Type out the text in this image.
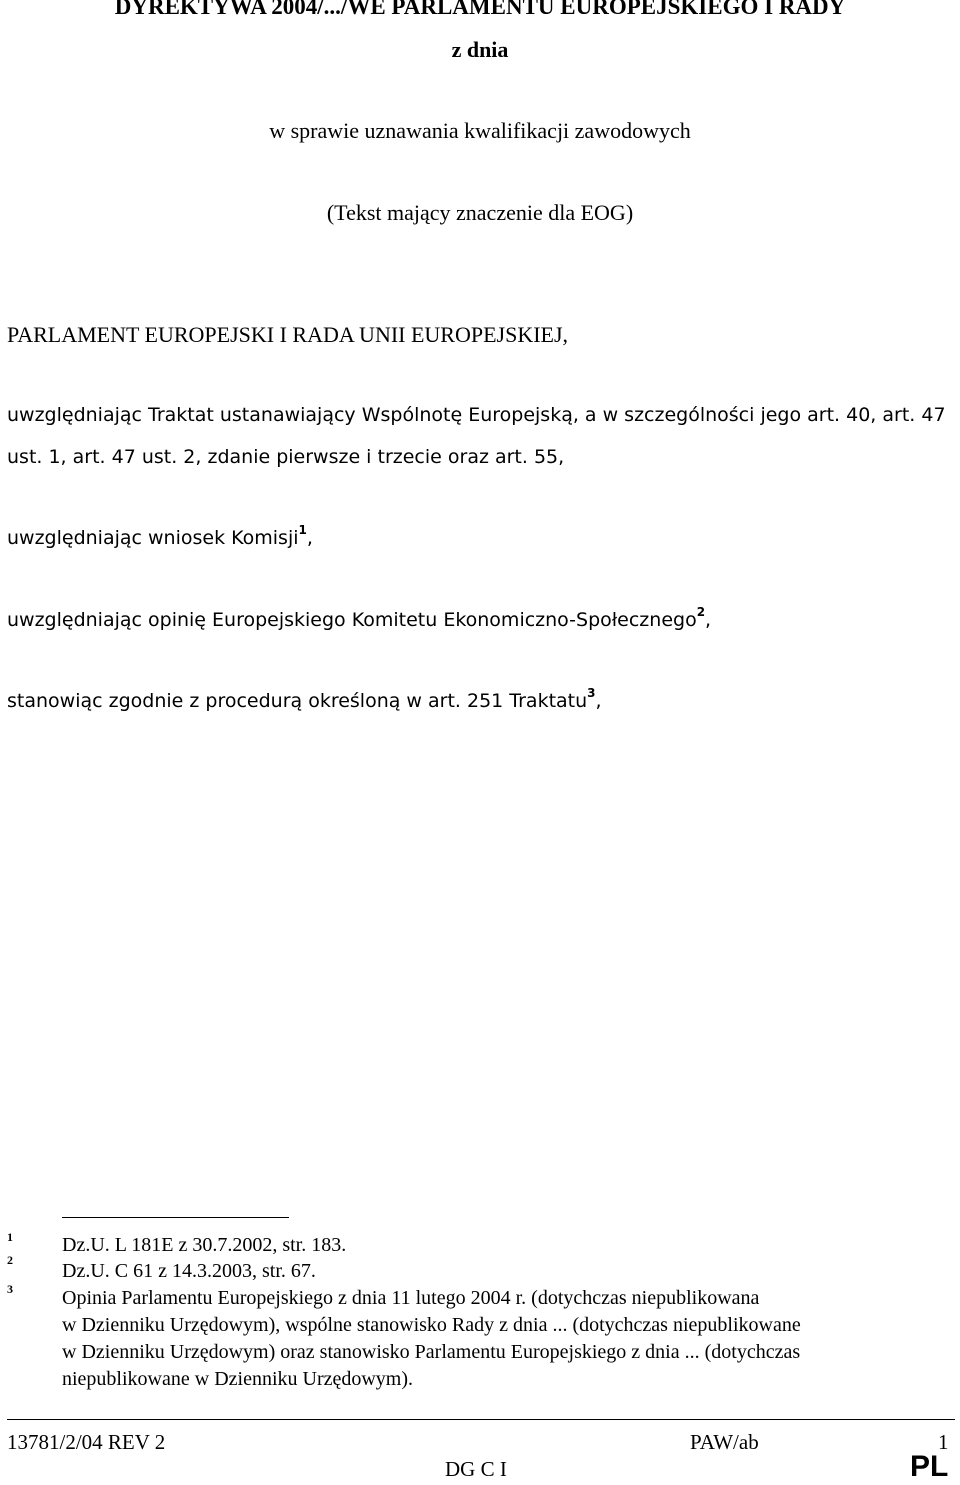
DYREKTYWA 2004/.../WE PARLAMENTU EUROPEJSKIEGO I RADY
z dnia
w sprawie uznawania kwalifikacji zawodowych
(Tekst mający znaczenie dla EOG)
PARLAMENT EUROPEJSKI I RADA UNII EUROPEJSKIEJ,
uwzględniając Traktat ustanawiający Wspólnotę Europejską, a w szczególności jego art. 40, art. 47
ust. 1, art. 47 ust. 2, zdanie pierwsze i trzecie oraz art. 55,
uwzględniając wniosek Komisji$^1$,
uwzględniając opinię Europejskiego Komitetu Ekonomiczno-Społecznego$^2$,
stanowiąc zgodnie z procedurą określoną w art. 251 Traktatu$^3$,
1 Dz.U. L 181E z 30.7.2002, str. 183.
2 Dz.U. C 61 z 14.3.2003, str. 67.
3 Opinia Parlamentu Europejskiego z dnia 11 lutego 2004 r. (dotychczas niepublikowana
w Dzienniku Urzędowym), wspólne stanowisko Rady z dnia ... (dotychczas niepublikowane
w Dzienniku Urzędowym) oraz stanowisko Parlamentu Europejskiego z dnia ... (dotychczas
niepublikowane w Dzienniku Urzędowym).
13781/2/04 REV 2	PAW/ab	1
DG C I	PL
